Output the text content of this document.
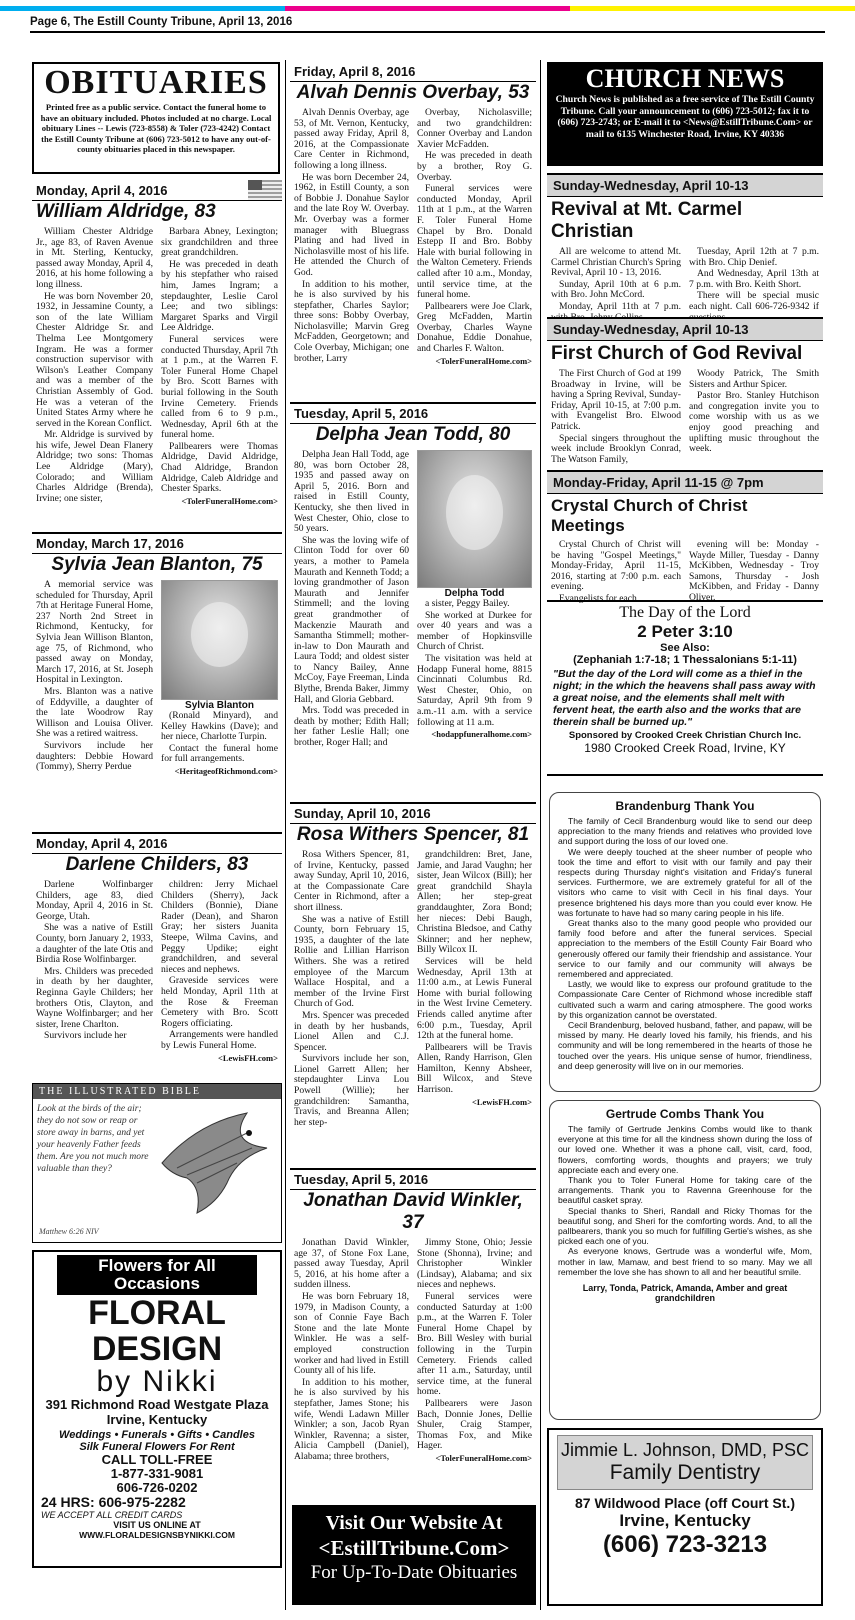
Page 6, The Estill County Tribune, April 13, 2016
OBITUARIES
Printed free as a public service. Contact the funeral home to have an obituary included. Photos included at no charge. Local obituary Lines -- Lewis (723-8558) & Toler (723-4242) Contact the Estill County Tribune at (606) 723-5012 to have any out-of-county obituaries placed in this newspaper.
Monday, April 4, 2016
William Aldridge, 83

William Chester Aldridge Jr., age 83, of Raven Avenue in Mt. Sterling, Kentucky, passed away Monday, April 4, 2016, at his home following a long illness.

He was born November 20, 1932, in Jessamine County, a son of the late William Chester Aldridge Sr. and Thelma Lee Montgomery Ingram. He was a former construction supervisor with Wilson's Leather Company and was a member of the Christian Assembly of God. He was a veteran of the United States Army where he served in the Korean Conflict.

Mr. Aldridge is survived by his wife, Jewel Dean Flanery Aldridge; two sons: Thomas Lee Aldridge (Mary), Colorado; and William Charles Aldridge (Brenda), Irvine; one sister,

Barbara Abney, Lexington; six grandchildren and three great grandchildren.

He was preceded in death by his stepfather who raised him, James Ingram; a stepdaughter, Leslie Carol Lee; and two siblings: Margaret Sparks and Virgil Lee Aldridge.

Funeral services were conducted Thursday, April 7th at 1 p.m., at the Warren F. Toler Funeral Home Chapel by Bro. Scott Barnes with burial following in the South Irvine Cemetery. Friends called from 6 to 9 p.m., Wednesday, April 6th at the funeral home.

Pallbearers were Thomas Aldridge, David Aldridge, Chad Aldridge, Brandon Aldridge, Caleb Aldridge and Chester Sparks.

<TolerFuneralHome.com>
Monday, March 17, 2016
Sylvia Jean Blanton, 75

A memorial service was scheduled for Thursday, April 7th at Heritage Funeral Home, 237 North 2nd Street in Richmond, Kentucky, for Sylvia Jean Willison Blanton, age 75, of Richmond, who passed away on Monday, March 17, 2016, at St. Joseph Hospital in Lexington.

Mrs. Blanton was a native of Eddyville, a daughter of the late Woodrow Ray Willison and Louisa Oliver. She was a retired waitress.

Survivors include her daughters: Debbie Howard (Tommy), Sherry Perdue

Sylvia Blanton

(Ronald Minyard), and Kelley Hawkins (Dave); and her niece, Charlotte Turpin.

Contact the funeral home for full arrangements.

<HeritageofRichmond.com>
Monday, April 4, 2016
Darlene Childers, 83

Darlene Wolfinbarger Childers, age 83, died Monday, April 4, 2016 in St. George, Utah.

She was a native of Estill County, born January 2, 1933, a daughter of the late Otis and Birdia Rose Wolfinbarger.

Mrs. Childers was preceded in death by her daughter, Reginna Gayle Childers; her brothers Otis, Clayton, and Wayne Wolfinbarger; and her sister, Irene Charlton.

Survivors include her

children: Jerry Michael Childers (Sherry), Jack Childers (Bonnie), Diane Rader (Dean), and Sharon Gray; her sisters Juanita Steepe, Wilma Cavins, and Peggy Updike; eight grandchildren, and several nieces and nephews.

Graveside services were held Monday, April 11th at the Rose & Freeman Cemetery with Bro. Scott Rogers officiating.

Arrangements were handled by Lewis Funeral Home.

<LewisFH.com>
THE ILLUSTRATED BIBLE
Look at the birds of the air; they do not sow or reap or store away in barns, and yet your heavenly Father feeds them. Are you not much more valuable than they?
Matthew 6:26 NIV
Flowers for All Occasions
FLORAL DESIGN
by Nikki
391 Richmond Road Westgate Plaza
Irvine, Kentucky
Weddings • Funerals • Gifts • Candles
Silk Funeral Flowers For Rent
CALL TOLL-FREE
1-877-331-9081
606-726-0202
24 HRS: 606-975-2282
WE ACCEPT ALL CREDIT CARDS
VISIT US ONLINE AT
WWW.FLORALDESIGNSBYNIKKI.COM
Friday, April 8, 2016
Alvah Dennis Overbay, 53

Alvah Dennis Overbay, age 53, of Mt. Vernon, Kentucky, passed away Friday, April 8, 2016, at the Compassionate Care Center in Richmond, following a long illness.

He was born December 24, 1962, in Estill County, a son of Bobbie J. Donahue Saylor and the late Roy W. Overbay. Mr. Overbay was a former manager with Bluegrass Plating and had lived in Nicholasville most of his life. He attended the Church of God.

In addition to his mother, he is also survived by his stepfather, Charles Saylor; three sons: Bobby Overbay, Nicholasville; Marvin Greg McFadden, Georgetown; and Cole Overbay, Michigan; one brother, Larry

Overbay, Nicholasville; and two grandchildren: Conner Overbay and Landon Xavier McFadden.

He was preceded in death by a brother, Roy G. Overbay.

Funeral services were conducted Monday, April 11th at 1 p.m., at the Warren F. Toler Funeral Home Chapel by Bro. Donald Estepp II and Bro. Bobby Hale with burial following in the Walton Cemetery. Friends called after 10 a.m., Monday, until service time, at the funeral home.

Pallbearers were Joe Clark, Greg McFadden, Martin Overbay, Charles Wayne Donahue, Eddie Donahue, and Charles F. Walton.

<TolerFuneralHome.com>
Tuesday, April 5, 2016
Delpha Jean Todd, 80

Delpha Jean Hall Todd, age 80, was born October 28, 1935 and passed away on April 5, 2016. Born and raised in Estill County, Kentucky, she then lived in West Chester, Ohio, close to 50 years.

She was the loving wife of Clinton Todd for over 60 years, a mother to Pamela Maurath and Kenneth Todd; a loving grandmother of Jason Maurath and Jennifer Stimmell; and the loving great grandmother of Mackenzie Maurath and Samantha Stimmell; mother-in-law to Don Maurath and Laura Todd; and oldest sister to Nancy Bailey, Anne McCoy, Faye Freeman, Linda Blythe, Brenda Baker, Jimmy Hall, and Gloria Gebbard.

Mrs. Todd was preceded in death by mother; Edith Hall; her father Leslie Hall; one brother, Roger Hall; and

Delpha Todd

a sister, Peggy Bailey.

She worked at Durkee for over 40 years and was a member of Hopkinsville Church of Christ.

The visitation was held at Hodapp Funeral home, 8815 Cincinnati Columbus Rd. West Chester, Ohio, on Saturday, April 9th from 9 a.m.-11 a.m. with a service following at 11 a.m.

<hodappfuneralhome.com>
Sunday, April 10, 2016
Rosa Withers Spencer, 81

Rosa Withers Spencer, 81, of Irvine, Kentucky, passed away Sunday, April 10, 2016, at the Compassionate Care Center in Richmond, after a short illness.

She was a native of Estill County, born February 15, 1935, a daughter of the late Rollie and Lillian Harrison Withers. She was a retired employee of the Marcum Wallace Hospital, and a member of the Irvine First Church of God.

Mrs. Spencer was preceded in death by her husbands, Lionel Allen and C.J. Spencer.

Survivors include her son, Lionel Garrett Allen; her stepdaughter Linva Lou Powell (Willie); her grandchildren: Samantha, Travis, and Breanna Allen; her step-

grandchildren: Bret, Jane, Jamie, and Jarad Vaughn; her sister, Jean Wilcox (Bill); her great grandchild Shayla Allen; her step-great granddaughter, Zora Bond; her nieces: Debi Baugh, Christina Bledsoe, and Cathy Skinner; and her nephew, Billy Wilcox II.

Services will be held Wednesday, April 13th at 11:00 a.m., at Lewis Funeral Home with burial following in the West Irvine Cemetery. Friends called anytime after 6:00 p.m., Tuesday, April 12th at the funeral home.

Pallbearers will be Travis Allen, Randy Harrison, Glen Hamilton, Kenny Absheer, Bill Wilcox, and Steve Harrison.

<LewisFH.com>
Tuesday, April 5, 2016
Jonathan David Winkler, 37

Jonathan David Winkler, age 37, of Stone Fox Lane, passed away Tuesday, April 5, 2016, at his home after a sudden illness.

He was born February 18, 1979, in Madison County, a son of Connie Faye Bach Stone and the late Monte Winkler. He was a self-employed construction worker and had lived in Estill County all of his life.

In addition to his mother, he is also survived by his stepfather, James Stone; his wife, Wendi Ladawn Miller Winkler; a son, Jacob Ryan Winkler, Ravenna; a sister, Alicia Campbell (Daniel), Alabama; three brothers,

Jimmy Stone, Ohio; Jessie Stone (Shonna), Irvine; and Christopher Winkler (Lindsay), Alabama; and six nieces and nephews.

Funeral services were conducted Saturday at 1:00 p.m., at the Warren F. Toler Funeral Home Chapel by Bro. Bill Wesley with burial following in the Turpin Cemetery. Friends called after 11 a.m., Saturday, until service time, at the funeral home.

Pallbearers were Jason Bach, Donnie Jones, Dellie Shuler, Craig Stamper, Thomas Fox, and Mike Hager.

<TolerFuneralHome.com>
Visit Our Website At
<EstillTribune.Com>
For Up-To-Date Obituaries
CHURCH NEWS
Church News is published as a free service of The Estill County Tribune. Call your announcement to (606) 723-5012; fax it to (606) 723-2743; or E-mail it to <News@EstillTribune.Com> or mail to 6135 Winchester Road, Irvine, KY 40336
Sunday-Wednesday, April 10-13
Revival at Mt. Carmel Christian

All are welcome to attend Mt. Carmel Christian Church's Spring Revival, April 10 - 13, 2016.

Sunday, April 10th at 6 p.m. with Bro. John McCord.

Monday, April 11th at 7 p.m.

Tuesday, April 12th at 7 p.m. with Bro. Chip Denief.

And Wednesday, April 13th at 7 p.m. with Bro. Keith Short.

There will be special music each night. Call 606-726-9342 if

Sunday-Wednesday, April 10-13
First Church of God Revival

The First Church of God at 199 Broadway in Irvine, will be having a Spring Revival, Sunday-Friday, April 10-15, at 7:00 p.m. with Evangelist Bro. Elwood Patrick.

Special singers throughout the week include Brooklyn Conrad, The Watson Family,

Woody Patrick, The Smith Sisters and Arthur Spicer.

Pastor Bro. Stanley Hutchison and congregation invite you to come worship with us as we enjoy good preaching and uplifting music throughout the week.

Monday-Friday, April 11-15 @ 7pm
Crystal Church of Christ Meetings

Crystal Church of Christ will be having "Gospel Meetings," Monday-Friday, April 11-15, 2016, starting at 7:00 p.m. each evening.

Evangelists for each

evening will be: Monday - Wayde Miller, Tuesday - Danny McKibben, Wednesday - Troy Samons, Thursday - Josh McKibben, and Friday - Danny Oliver.

The Day of the Lord
2 Peter 3:10
See Also:
(Zephaniah 1:7-18; 1 Thessalonians 5:1-11)
"But the day of the Lord will come as a thief in the night; in the which the heavens shall pass away with a great noise, and the elements shall melt with fervent heat, the earth also and the works that are therein shall be burned up."
Sponsored by Crooked Creek Christian Church Inc.
1980 Crooked Creek Road, Irvine, KY
Brandenburg Thank You

The family of Cecil Brandenburg would like to send our deep appreciation to the many friends and relatives who provided love and support during the loss of our loved one.

We were deeply touched at the sheer number of people who took the time and effort to visit with our family and pay their respects during Thursday night's visitation and Friday's funeral services. Furthermore, we are extremely grateful for all of the visitors who came to visit with Cecil in his final days. Your presence brightened his days more than you could ever know. He was fortunate to have had so many caring people in his life.

Great thanks also to the many good people who provided our family food before and after the funeral services. Special appreciation to the members of the Estill County Fair Board who generously offered our family their friendship and assistance. Your service to our family and our community will always be remembered and appreciated.

Lastly, we would like to express our profound gratitude to the Compassionate Care Center of Richmond whose incredible staff cultivated such a warm and caring atmosphere. The good works by this organization cannot be overstated.

Cecil Brandenburg, beloved husband, father, and papaw, will be missed by many. He dearly loved his family, his friends, and his community and will be long remembered in the hearts of those he touched over the years. His unique sense of humor, friendliness, and deep generosity will live on in our memories.

Gertrude Combs Thank You

The family of Gertrude Jenkins Combs would like to thank everyone at this time for all the kindness shown during the loss of our loved one. Whether it was a phone call, visit, card, food, flowers, comforting words, thoughts and prayers; we truly appreciate each and every one.

Thank you to Toler Funeral Home for taking care of the arrangements. Thank you to Ravenna Greenhouse for the beautiful casket spray.

Special thanks to Sheri, Randall and Ricky Thomas for the beautiful song, and Sheri for the comforting words. And, to all the pallbearers, thank you so much for fulfilling Gertie's wishes, as she picked each one of you.

As everyone knows, Gertrude was a wonderful wife, Mom, mother in law, Mamaw, and best friend to so many. May we all remember the love she has shown to all and her beautiful smile.

Larry, Tonda, Patrick, Amanda, Amber and great grandchildren
Jimmie L. Johnson, DMD, PSC
Family Dentistry
87 Wildwood Place (off Court St.)
Irvine, Kentucky
(606) 723-3213
